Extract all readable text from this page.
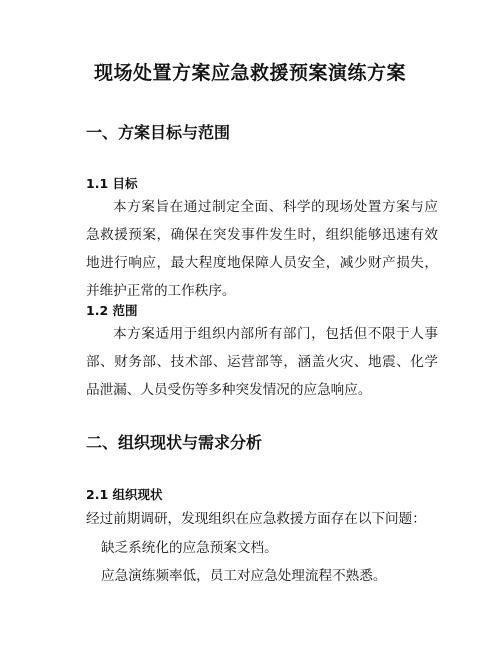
现场处置方案应急救援预案演练方案
一、方案目标与范围
1.1 目标

本方案旨在通过制定全面、科学的现场处置方案与应急救援预案，确保在突发事件发生时，组织能够迅速有效地进行响应，最大程度地保障人员安全，减少财产损失，并维护正常的工作秩序。

1.2 范围

本方案适用于组织内部所有部门，包括但不限于人事部、财务部、技术部、运营部等，涵盖火灾、地震、化学品泄漏、人员受伤等多种突发情况的应急响应。

二、组织现状与需求分析
2.1 组织现状

经过前期调研，发现组织在应急救援方面存在以下问题：

缺乏系统化的应急预案文档。

应急演练频率低，员工对应急处理流程不熟悉。
